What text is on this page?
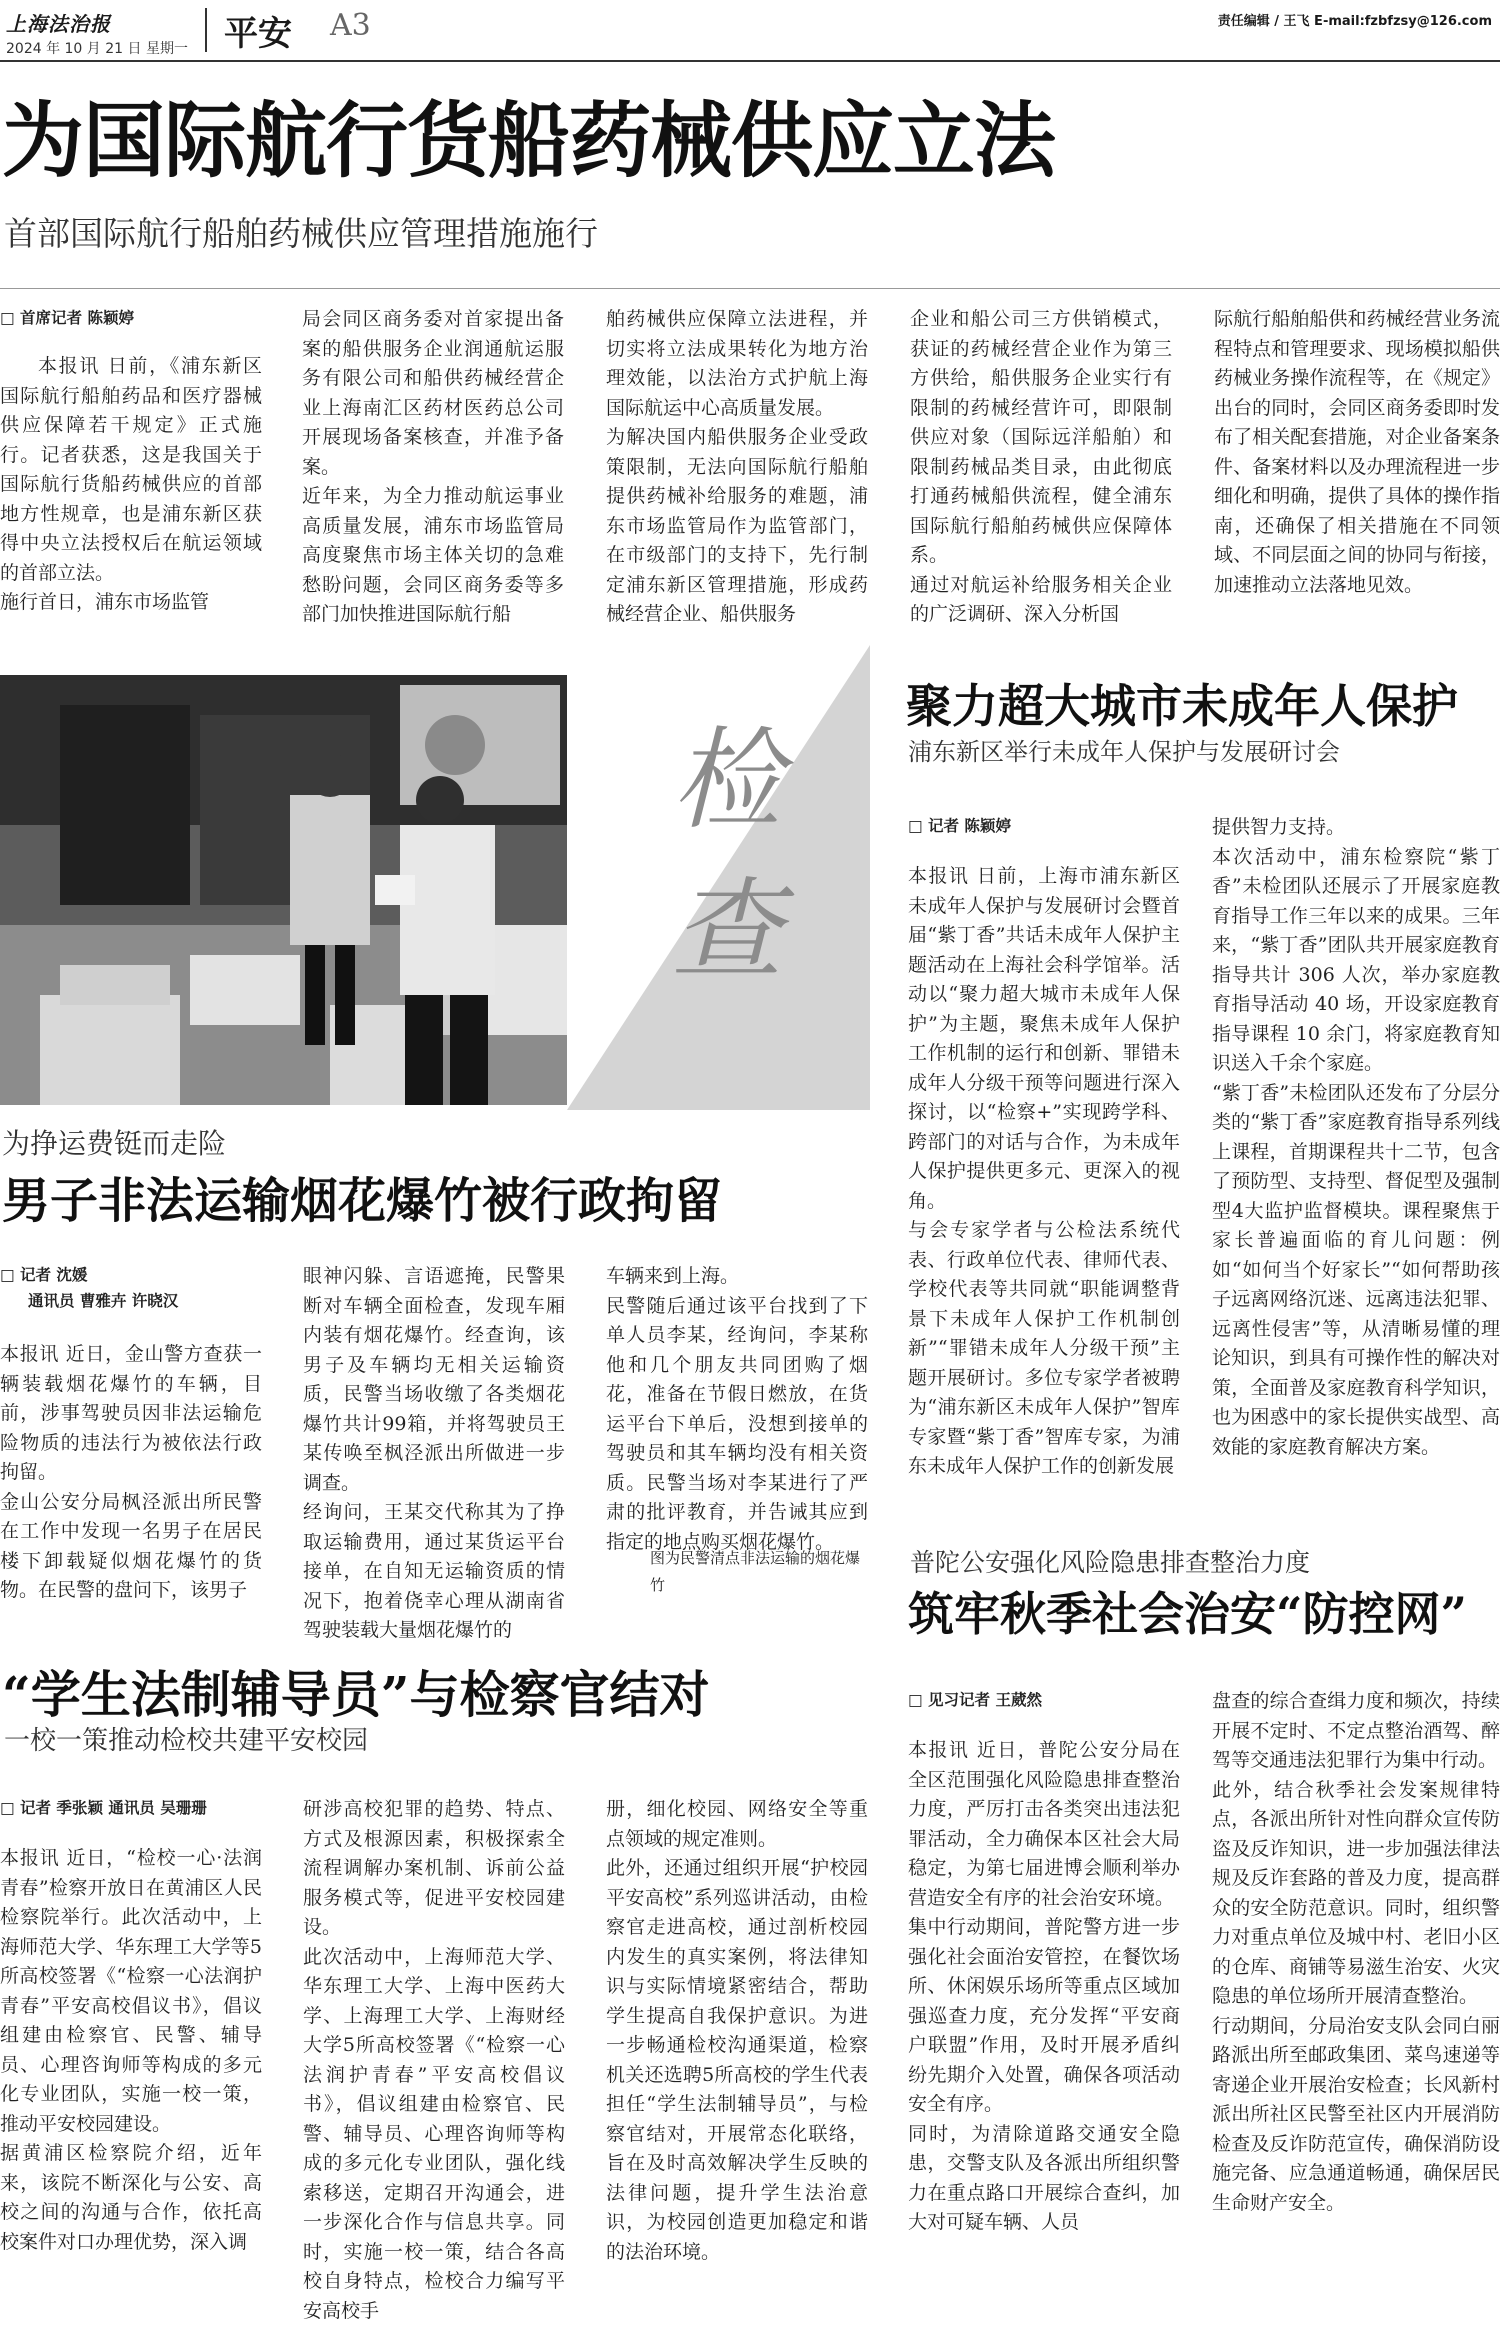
上海法治报
2024 年 10 月 21 日 星期一 平安 A3	责任编辑 / 王飞 E-mail:fzbfzsy@126.com
为国际航行货船药械供应立法
首部国际航行船舶药械供应管理措施施行
□ 首席记者 陈颖婷
本报讯 日前，《浦东新区国际航行船舶药品和医疗器械供应保障若干规定》正式施行。记者获悉，这是我国关于国际航行货船药械供应的首部地方性规章，也是浦东新区获得中央立法授权后在航运领域的首部立法。
施行首日，浦东市场监管
局会同区商务委对首家提出备案的船供服务企业润通航运服务有限公司和船供药械经营企业上海南汇区药材医药总公司开展现场备案核查，并准予备案。
近年来，为全力推动航运事业高质量发展，浦东市场监管局高度聚焦市场主体关切的急难愁盼问题，会同区商务委等多部门加快推进国际航行船
舶药械供应保障立法进程，并切实将立法成果转化为地方治理效能，以法治方式护航上海国际航运中心高质量发展。
为解决国内船供服务企业受政策限制，无法向国际航行船舶提供药械补给服务的难题，浦东市场监管局作为监管部门，在市级部门的支持下，先行制定浦东新区管理措施，形成药械经营企业、船供服务
企业和船公司三方供销模式，获证的药械经营企业作为第三方供给，船供服务企业实行有限制的药械经营许可，即限制供应对象（国际远洋船舶）和限制药械品类目录，由此彻底打通药械船供流程，健全浦东国际航行船舶药械供应保障体系。
通过对航运补给服务相关企业的广泛调研、深入分析国
际航行船舶船供和药械经营业务流程特点和管理要求、现场模拟船供药械业务操作流程等，在《规定》出台的同时，会同区商务委即时发布了相关配套措施，对企业备案条件、备案材料以及办理流程进一步细化和明确，提供了具体的操作指南，还确保了相关措施在不同领域、不同层面之间的协同与衔接，加速推动立法落地见效。
检查
聚力超大城市未成年人保护
浦东新区举行未成年人保护与发展研讨会
□ 记者 陈颖婷
本报讯 日前，上海市浦东新区未成年人保护与发展研讨会暨首届“紫丁香”共话未成年人保护主题活动在上海社会科学馆举。活动以“聚力超大城市未成年人保护”为主题，聚焦未成年人保护工作机制的运行和创新、罪错未成年人分级干预等问题进行深入探讨，以“检察+”实现跨学科、跨部门的对话与合作，为未成年人保护提供更多元、更深入的视角。
与会专家学者与公检法系统代表、行政单位代表、律师代表、学校代表等共同就“职能调整背景下未成年人保护工作机制创新”“罪错未成年人分级干预”主题开展研讨。多位专家学者被聘为“浦东新区未成年人保护”智库专家暨“紫丁香”智库专家，为浦东未成年人保护工作的创新发展
提供智力支持。
本次活动中，浦东检察院“紫丁香”未检团队还展示了开展家庭教育指导工作三年以来的成果。三年来，“紫丁香”团队共开展家庭教育指导共计 306 人次，举办家庭教育指导活动 40 场，开设家庭教育指导课程 10 余门，将家庭教育知识送入千余个家庭。
“紫丁香”未检团队还发布了分层分类的“紫丁香”家庭教育指导系列线上课程，首期课程共十二节，包含了预防型、支持型、督促型及强制型4大监护监督模块。课程聚焦于家长普遍面临的育儿问题：例如“如何当个好家长”“如何帮助孩子远离网络沉迷、远离违法犯罪、远离性侵害”等，从清晰易懂的理论知识，到具有可操作性的解决对策，全面普及家庭教育科学知识，也为困惑中的家长提供实战型、高效能的家庭教育解决方案。
为挣运费铤而走险
男子非法运输烟花爆竹被行政拘留
□ 记者 沈媛
通讯员 曹雅卉 许晓汉
本报讯 近日，金山警方查获一辆装载烟花爆竹的车辆，目前，涉事驾驶员因非法运输危险物质的违法行为被依法行政拘留。
金山公安分局枫泾派出所民警在工作中发现一名男子在居民楼下卸载疑似烟花爆竹的货物。在民警的盘问下，该男子
眼神闪躲、言语遮掩，民警果断对车辆全面检查，发现车厢内装有烟花爆竹。经查询，该男子及车辆均无相关运输资质，民警当场收缴了各类烟花爆竹共计99箱，并将驾驶员王某传唤至枫泾派出所做进一步调查。
经询问，王某交代称其为了挣取运输费用，通过某货运平台接单，在自知无运输资质的情况下，抱着侥幸心理从湖南省驾驶装载大量烟花爆竹的
车辆来到上海。
民警随后通过该平台找到了下单人员李某，经询问，李某称他和几个朋友共同团购了烟花，准备在节假日燃放，在货运平台下单后，没想到接单的驾驶员和其车辆均没有相关资质。民警当场对李某进行了严肃的批评教育，并告诫其应到指定的地点购买烟花爆竹。
图为民警清点非法运输的烟花爆竹
普陀公安强化风险隐患排查整治力度
筑牢秋季社会治安“防控网”
□ 见习记者 王葳然
本报讯 近日，普陀公安分局在全区范围强化风险隐患排查整治力度，严厉打击各类突出违法犯罪活动，全力确保本区社会大局稳定，为第七届进博会顺利举办营造安全有序的社会治安环境。
集中行动期间，普陀警方进一步强化社会面治安管控，在餐饮场所、休闲娱乐场所等重点区域加强巡查力度，充分发挥“平安商户联盟”作用，及时开展矛盾纠纷先期介入处置，确保各项活动安全有序。
同时，为清除道路交通安全隐患，交警支队及各派出所组织警力在重点路口开展综合查纠，加大对可疑车辆、人员
盘查的综合查缉力度和频次，持续开展不定时、不定点整治酒驾、醉驾等交通违法犯罪行为集中行动。
此外，结合秋季社会发案规律特点，各派出所针对性向群众宣传防盗及反诈知识，进一步加强法律法规及反诈套路的普及力度，提高群众的安全防范意识。同时，组织警力对重点单位及城中村、老旧小区的仓库、商铺等易滋生治安、火灾隐患的单位场所开展清查整治。
行动期间，分局治安支队会同白丽路派出所至邮政集团、菜鸟速递等寄递企业开展治安检查；长风新村派出所社区民警至社区内开展消防检查及反诈防范宣传，确保消防设施完备、应急通道畅通，确保居民生命财产安全。
“学生法制辅导员”与检察官结对
一校一策推动检校共建平安校园
□ 记者 季张颖 通讯员 吴珊珊
本报讯 近日，“检校一心·法润青春”检察开放日在黄浦区人民检察院举行。此次活动中，上海师范大学、华东理工大学等5所高校签署《“检察一心法润护青春”平安高校倡议书》，倡议组建由检察官、民警、辅导员、心理咨询师等构成的多元化专业团队，实施一校一策，推动平安校园建设。
据黄浦区检察院介绍，近年来，该院不断深化与公安、高校之间的沟通与合作，依托高校案件对口办理优势，深入调
研涉高校犯罪的趋势、特点、方式及根源因素，积极探索全流程调解办案机制、诉前公益服务模式等，促进平安校园建设。
此次活动中，上海师范大学、华东理工大学、上海中医药大学、上海理工大学、上海财经大学5所高校签署《“检察一心法润护青春”平安高校倡议书》，倡议组建由检察官、民警、辅导员、心理咨询师等构成的多元化专业团队，强化线索移送，定期召开沟通会，进一步深化合作与信息共享。同时，实施一校一策，结合各高校自身特点，检校合力编写平安高校手
册，细化校园、网络安全等重点领域的规定准则。
此外，还通过组织开展“护校园 平安高校”系列巡讲活动，由检察官走进高校，通过剖析校园内发生的真实案例，将法律知识与实际情境紧密结合，帮助学生提高自我保护意识。为进一步畅通检校沟通渠道，检察机关还选聘5所高校的学生代表担任“学生法制辅导员”，与检察官结对，开展常态化联络，旨在及时高效解决学生反映的法律问题，提升学生法治意识，为校园创造更加稳定和谐的法治环境。
